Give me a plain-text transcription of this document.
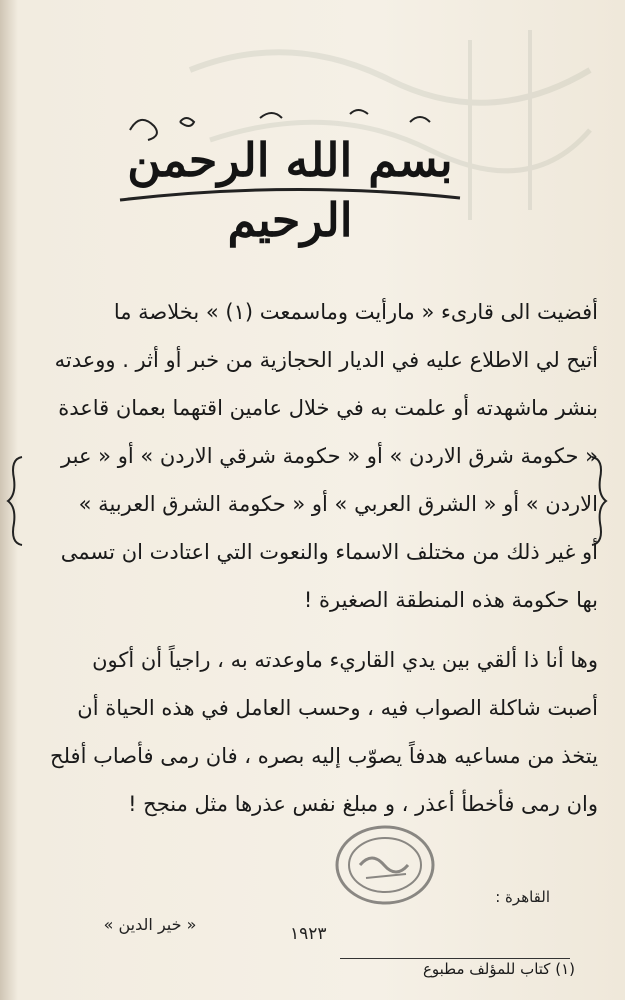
بسم الله الرحمن الرحيم
أفضيت الى قارىء « مارأيت وماسمعت (١) » بخلاصة ما
أتيح لي الاطلاع عليه في الديار الحجازية من خبر أو أثر . ووعدته
بنشر ماشهدته أو علمت به في خلال عامين اقتهما بعمان قاعدة
« حكومة شرق الاردن » أو « حكومة شرقي الاردن » أو « عبر
الاردن » أو « الشرق العربي » أو « حكومة الشرق العربية »
أو غير ذلك من مختلف الاسماء والنعوت التي اعتادت ان تسمى
بها حكومة هذه المنطقة الصغيرة !
وها أنا ذا ألقي بين يدي القاريء ماوعدته به ، راجياً أن أكون
أصبت شاكلة الصواب فيه ، وحسب العامل في هذه الحياة أن
يتخذ من مساعيه هدفاً يصوّب إليه بصره ، فان رمى فأصاب أفلح
وان رمى فأخطأ أعذر ، و مبلغ نفس عذرها مثل منجح !
القاهرة :
١٩٢٣
« خير الدين »
(١) كتاب للمؤلف مطبوع
